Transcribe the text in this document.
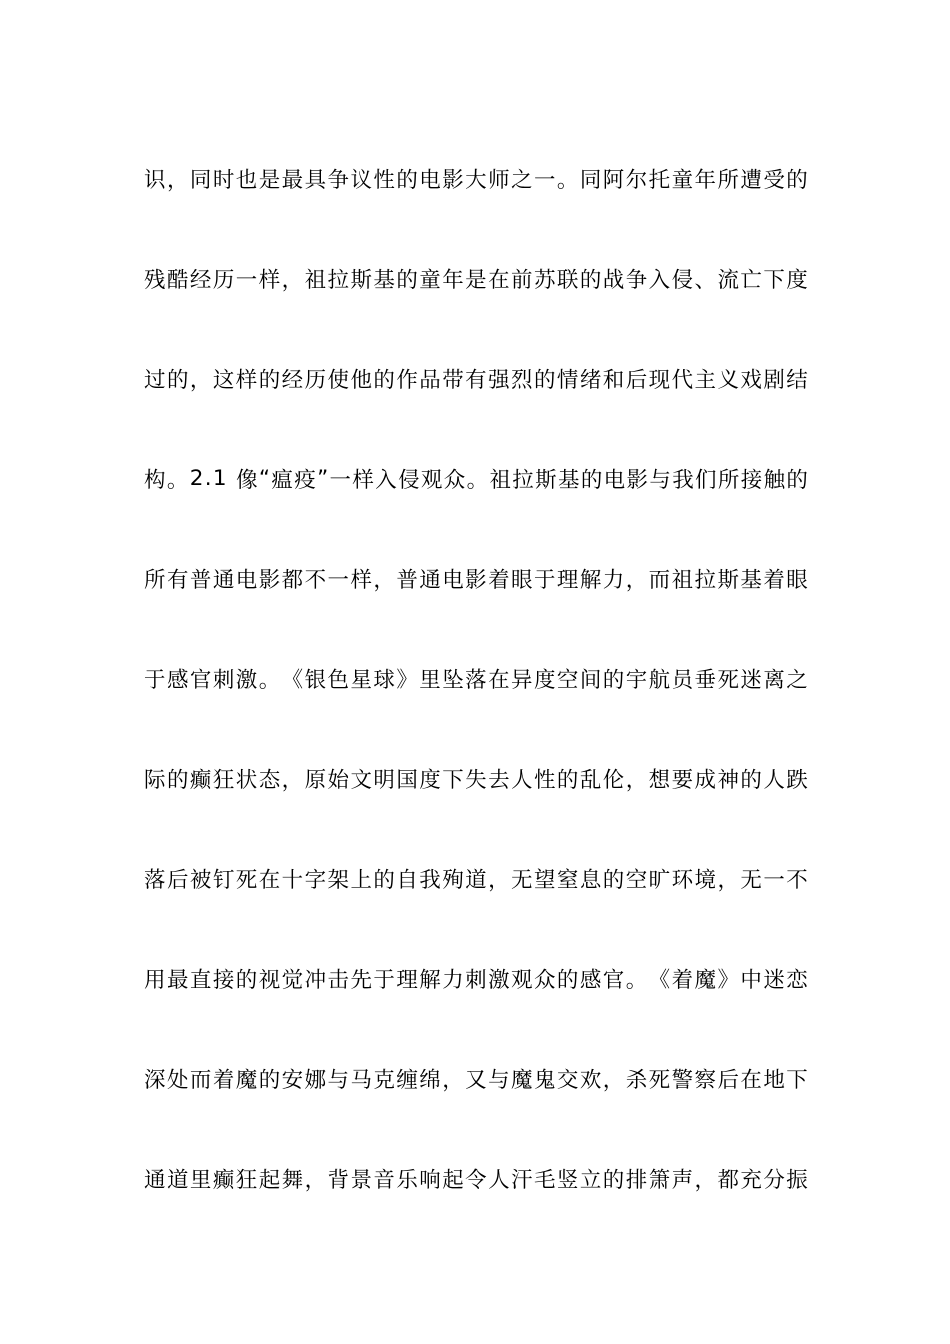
识 ， 同 时 也 是 最 具 争 议 性 的 电 影 大 师 之 一 。 同 阿 尔 托 童 年 所 遭 受 的
残 酷 经 历 一 样 ， 祖 拉 斯 基 的 童 年 是 在 前 苏 联 的 战 争 入 侵 、 流 亡 下 度
过 的 ， 这 样 的 经 历 使 他 的 作 品 带 有 强 烈 的 情 绪 和 后 现 代 主 义 戏 剧 结
构 。 2 . 1
像 “ 瘟 疫 ” 一 样 入 侵 观 众 。 祖 拉 斯 基 的 电 影 与 我 们 所 接 触 的
所 有 普 通 电 影 都 不 一 样 ， 普 通 电 影 着 眼 于 理 解 力 ， 而 祖 拉 斯 基 着 眼
于 感 官 刺 激 。 《 银 色 星 球 》 里 坠 落 在 异 度 空 间 的 宇 航 员 垂 死 迷 离 之
际 的 癫 狂 状 态 ， 原 始 文 明 国 度 下 失 去 人 性 的 乱 伦 ， 想 要 成 神 的 人 跌
落 后 被 钉 死 在 十 字 架 上 的 自 我 殉 道 ， 无 望 窒 息 的 空 旷 环 境 ， 无 一 不
用 最 直 接 的 视 觉 冲 击 先 于 理 解 力 刺 激 观 众 的 感 官 。 《 着 魔 》 中 迷 恋
深 处 而 着 魔 的 安 娜 与 马 克 缠 绵 ， 又 与 魔 鬼 交 欢 ， 杀 死 警 察 后 在 地 下
通 道 里 癫 狂 起 舞 ， 背 景 音 乐 响 起 令 人 汗 毛 竖 立 的 排 箫 声 ， 都 充 分 振
